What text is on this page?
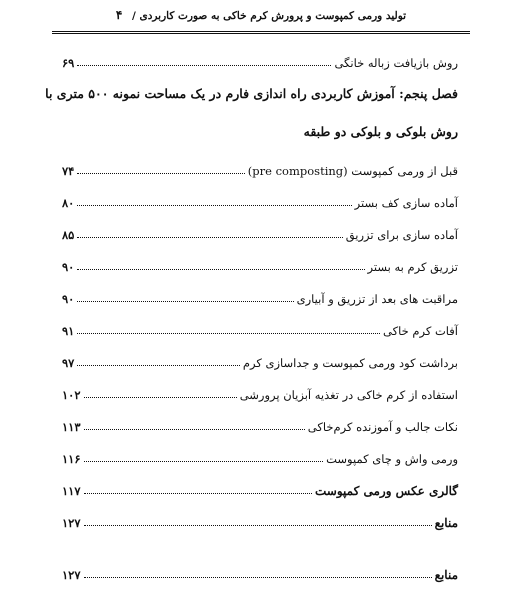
تولید ورمی کمپوست و پرورش کرم خاکی به صورت کاربردی / ۴
روش بازیافت زباله خانگی
۶۹
فصل پنجم: آموزش کاربردی راه اندازی فارم در یک مساحت نمونه ۵۰۰ متری با
روش بلوکی و بلوکی دو طبقه
قبل از ورمی کمپوست (pre composting)
۷۴
آماده سازی کف بستر
۸۰
آماده سازی برای تزریق
۸۵
تزریق کرم به بستر
۹۰
مراقبت های بعد از تزریق و آبیاری
۹۰
آفات کرم خاکی
۹۱
برداشت کود ورمی کمپوست و جداسازی کرم
۹۷
استفاده از کرم خاکی در تغذیه آبزیان پرورشی
۱۰۲
نکات جالب و آموزنده کرم‌خاکی
۱۱۳
ورمی واش و چای کمپوست
۱۱۶
گالری عکس ورمی کمپوست
۱۱۷
منابع
۱۲۷
منابع
۱۲۷
